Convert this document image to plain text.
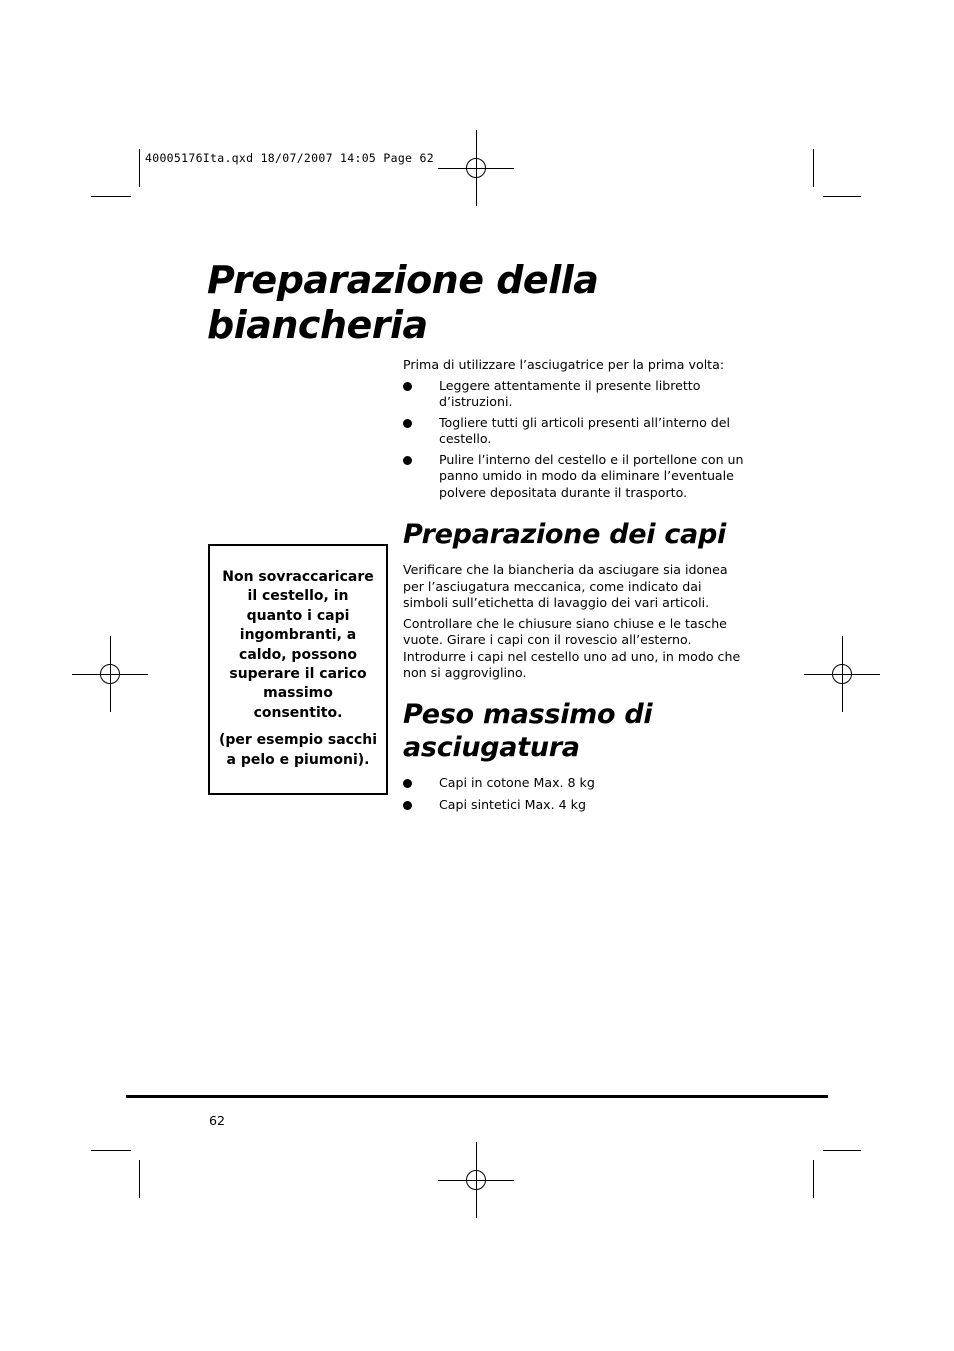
40005176Ita.qxd 18/07/2007 14:05 Page 62
Preparazione della
biancheria

Prima di utilizzare l’asciugatrice per la prima volta:

Leggere attentamente il presente libretto d’istruzioni.
Togliere tutti gli articoli presenti all’interno del cestello.
Pulire l’interno del cestello e il portellone con un panno umido in modo da eliminare l’eventuale polvere depositata durante il trasporto.
Preparazione dei capi

Verificare che la biancheria da asciugare sia idonea per l’asciugatura meccanica, come indicato dai simboli sull’etichetta di lavaggio dei vari articoli.

Controllare che le chiusure siano chiuse e le tasche vuote. Girare i capi con il rovescio all’esterno. Introdurre i capi nel cestello uno ad uno, in modo che non si aggroviglino.

Peso massimo di
asciugatura
Capi in cotone Max. 8 kg
Capi sintetici Max. 4 kg

Non sovraccaricare il cestello, in quanto i capi ingombranti, a caldo, possono superare il carico massimo consentito.

(per esempio sacchi a pelo e piumoni).

62
